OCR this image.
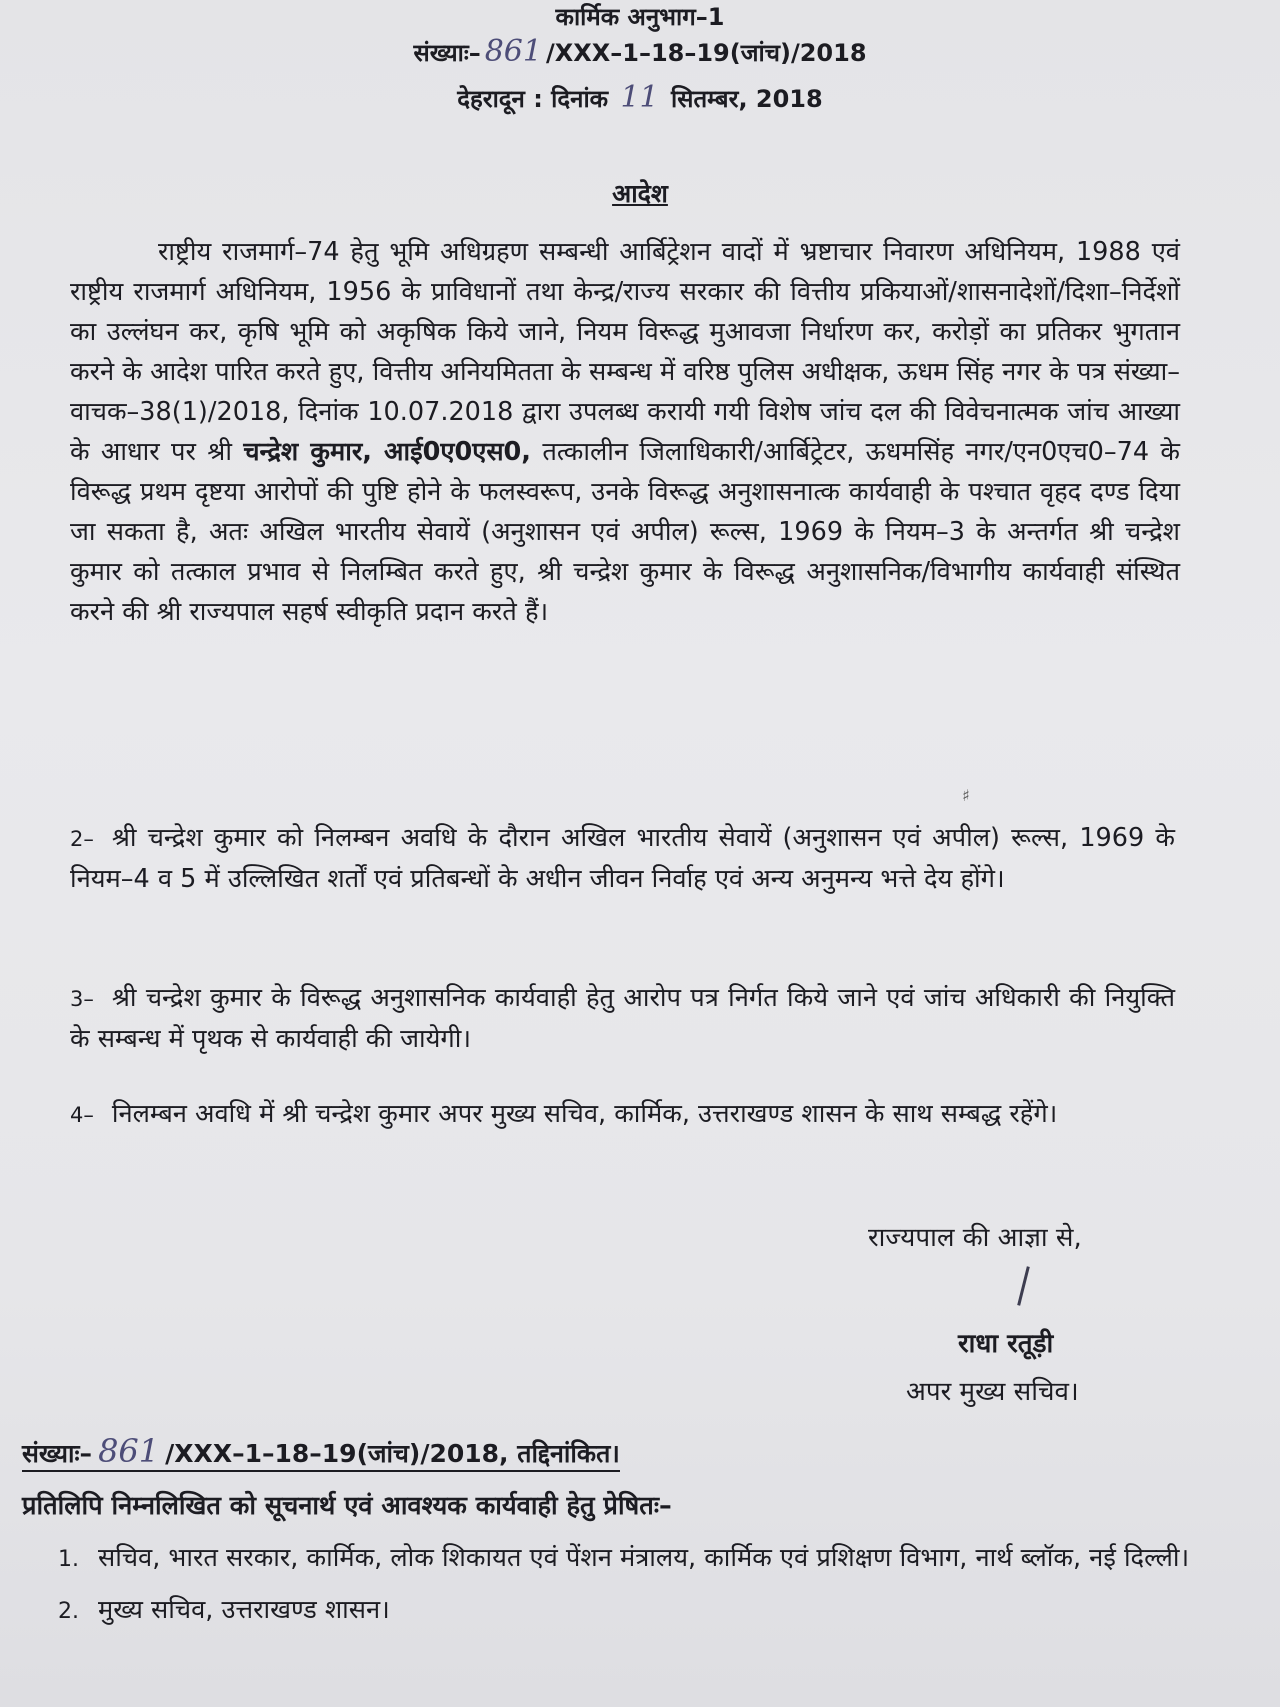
कार्मिक अनुभाग–1
संख्याः– 861 /XXX–1–18–19(जांच)/2018
देहरादून : दिनांक 11 सितम्बर, 2018
आदेश

राष्ट्रीय राजमार्ग–74 हेतु भूमि अधिग्रहण सम्बन्धी आर्बिट्रेशन वादों में भ्रष्टाचार निवारण अधिनियम, 1988 एवं राष्ट्रीय राजमार्ग अधिनियम, 1956 के प्राविधानों तथा केन्द्र/राज्य सरकार की वित्तीय प्रकियाओं/शासनादेशों/दिशा–निर्देशों का उल्लंघन कर, कृषि भूमि को अकृषिक किये जाने, नियम विरूद्ध मुआवजा निर्धारण कर, करोड़ों का प्रतिकर भुगतान करने के आदेश पारित करते हुए, वित्तीय अनियमितता के सम्बन्ध में वरिष्ठ पुलिस अधीक्षक, ऊधम सिंह नगर के पत्र संख्या–वाचक–38(1)/2018, दिनांक 10.07.2018 द्वारा उपलब्ध करायी गयी विशेष जांच दल की विवेचनात्मक जांच आख्या के आधार पर श्री चन्द्रेश कुमार, आई0ए0एस0, तत्कालीन जिलाधिकारी/आर्बिट्रेटर, ऊधमसिंह नगर/एन0एच0–74 के विरूद्ध प्रथम दृष्टया आरोपों की पुष्टि होने के फलस्वरूप, उनके विरूद्ध अनुशासनात्क कार्यवाही के पश्चात वृहद दण्ड दिया जा सकता है, अतः अखिल भारतीय सेवायें (अनुशासन एवं अपील) रूल्स, 1969 के नियम–3 के अन्तर्गत श्री चन्द्रेश कुमार को तत्काल प्रभाव से निलम्बित करते हुए, श्री चन्द्रेश कुमार के विरूद्ध अनुशासनिक/विभागीय कार्यवाही संस्थित करने की श्री राज्यपाल सहर्ष स्वीकृति प्रदान करते हैं।

♯

2– श्री चन्द्रेश कुमार को निलम्बन अवधि के दौरान अखिल भारतीय सेवायें (अनुशासन एवं अपील) रूल्स, 1969 के नियम–4 व 5 में उल्लिखित शर्तों एवं प्रतिबन्धों के अधीन जीवन निर्वाह एवं अन्य अनुमन्य भत्ते देय होंगे।

3– श्री चन्द्रेश कुमार के विरूद्ध अनुशासनिक कार्यवाही हेतु आरोप पत्र निर्गत किये जाने एवं जांच अधिकारी की नियुक्ति के सम्बन्ध में पृथक से कार्यवाही की जायेगी।

4– निलम्बन अवधि में श्री चन्द्रेश कुमार अपर मुख्य सचिव, कार्मिक, उत्तराखण्ड शासन के साथ सम्बद्ध रहेंगे।

राज्यपाल की आज्ञा से,
राधा रतूड़ी
अपर मुख्य सचिव।
संख्याः– 861 /XXX–1–18–19(जांच)/2018, तद्दिनांकित।
प्रतिलिपि निम्नलिखित को सूचनार्थ एवं आवश्यक कार्यवाही हेतु प्रेषितः–
1. सचिव, भारत सरकार, कार्मिक, लोक शिकायत एवं पेंशन मंत्रालय, कार्मिक एवं प्रशिक्षण विभाग, नार्थ ब्लॉक, नई दिल्ली।
2. मुख्य सचिव, उत्तराखण्ड शासन।
